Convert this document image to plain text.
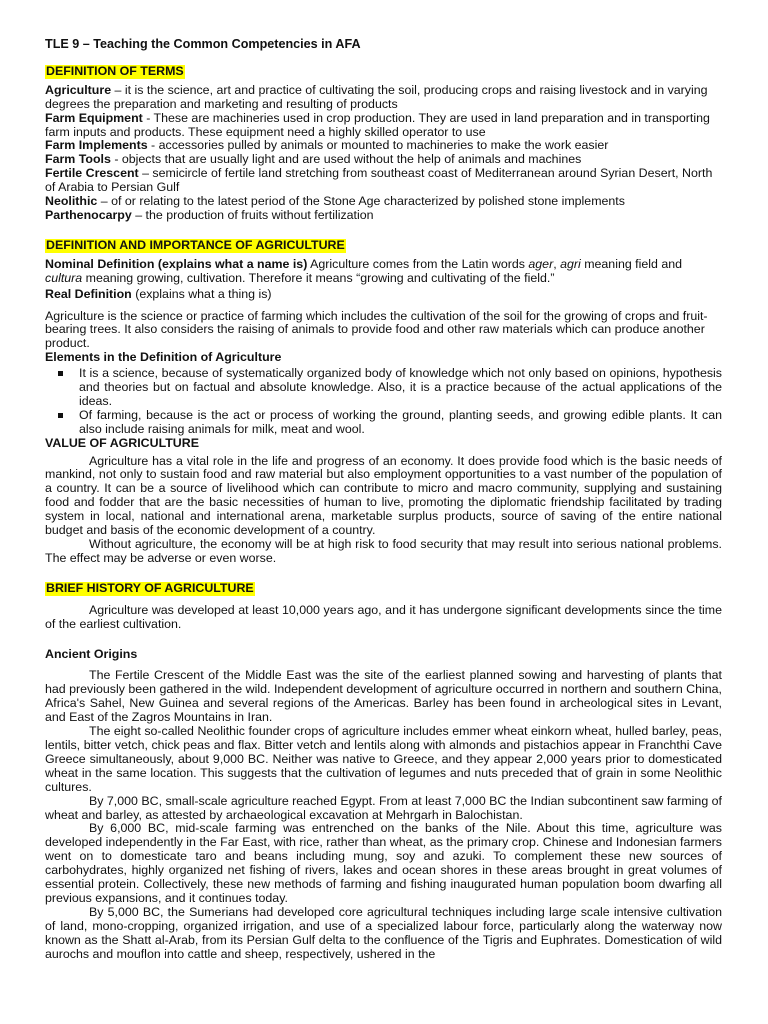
TLE 9 – Teaching the Common Competencies in AFA
DEFINITION OF TERMS

Agriculture – it is the science, art and practice of cultivating the soil, producing crops and raising livestock and in varying degrees the preparation and marketing and resulting of products

Farm Equipment - These are machineries used in crop production. They are used in land preparation and in transporting farm inputs and products. These equipment need a highly skilled operator to use

Farm Implements - accessories pulled by animals or mounted to machineries to make the work easier

Farm Tools - objects that are usually light and are used without the help of animals and machines

Fertile Crescent – semicircle of fertile land stretching from southeast coast of Mediterranean around Syrian Desert, North of Arabia to Persian Gulf

Neolithic – of or relating to the latest period of the Stone Age characterized by polished stone implements

Parthenocarpy – the production of fruits without fertilization

DEFINITION AND IMPORTANCE OF AGRICULTURE

Nominal Definition (explains what a name is) Agriculture comes from the Latin words ager, agri meaning field and cultura meaning growing, cultivation. Therefore it means “growing and cultivating of the field.”

Real Definition (explains what a thing is)

Agriculture is the science or practice of farming which includes the cultivation of the soil for the growing of crops and fruit-bearing trees. It also considers the raising of animals to provide food and other raw materials which can produce another product.

Elements in the Definition of Agriculture

It is a science, because of systematically organized body of knowledge which not only based on opinions, hypothesis and theories but on factual and absolute knowledge. Also, it is a practice because of the actual applications of the ideas.
Of farming, because is the act or process of working the ground, planting seeds, and growing edible plants. It can also include raising animals for milk, meat and wool.

VALUE OF AGRICULTURE

Agriculture has a vital role in the life and progress of an economy. It does provide food which is the basic needs of mankind, not only to sustain food and raw material but also employment opportunities to a vast number of the population of a country. It can be a source of livelihood which can contribute to micro and macro community, supplying and sustaining food and fodder that are the basic necessities of human to live, promoting the diplomatic friendship facilitated by trading system in local, national and international arena, marketable surplus products, source of saving of the entire national budget and basis of the economic development of a country.

Without agriculture, the economy will be at high risk to food security that may result into serious national problems. The effect may be adverse or even worse.

BRIEF HISTORY OF AGRICULTURE

Agriculture was developed at least 10,000 years ago, and it has undergone significant developments since the time of the earliest cultivation.

Ancient Origins

The Fertile Crescent of the Middle East was the site of the earliest planned sowing and harvesting of plants that had previously been gathered in the wild. Independent development of agriculture occurred in northern and southern China, Africa's Sahel, New Guinea and several regions of the Americas. Barley has been found in archeological sites in Levant, and East of the Zagros Mountains in Iran.

The eight so-called Neolithic founder crops of agriculture includes emmer wheat einkorn wheat, hulled barley, peas, lentils, bitter vetch, chick peas and flax. Bitter vetch and lentils along with almonds and pistachios appear in Franchthi Cave Greece simultaneously, about 9,000 BC. Neither was native to Greece, and they appear 2,000 years prior to domesticated wheat in the same location. This suggests that the cultivation of legumes and nuts preceded that of grain in some Neolithic cultures.

By 7,000 BC, small-scale agriculture reached Egypt. From at least 7,000 BC the Indian subcontinent saw farming of wheat and barley, as attested by archaeological excavation at Mehrgarh in Balochistan.

By 6,000 BC, mid-scale farming was entrenched on the banks of the Nile. About this time, agriculture was developed independently in the Far East, with rice, rather than wheat, as the primary crop. Chinese and Indonesian farmers went on to domesticate taro and beans including mung, soy and azuki. To complement these new sources of carbohydrates, highly organized net fishing of rivers, lakes and ocean shores in these areas brought in great volumes of essential protein. Collectively, these new methods of farming and fishing inaugurated human population boom dwarfing all previous expansions, and it continues today.

By 5,000 BC, the Sumerians had developed core agricultural techniques including large scale intensive cultivation of land, mono-cropping, organized irrigation, and use of a specialized labour force, particularly along the waterway now known as the Shatt al-Arab, from its Persian Gulf delta to the confluence of the Tigris and Euphrates. Domestication of wild aurochs and mouflon into cattle and sheep, respectively, ushered in the
